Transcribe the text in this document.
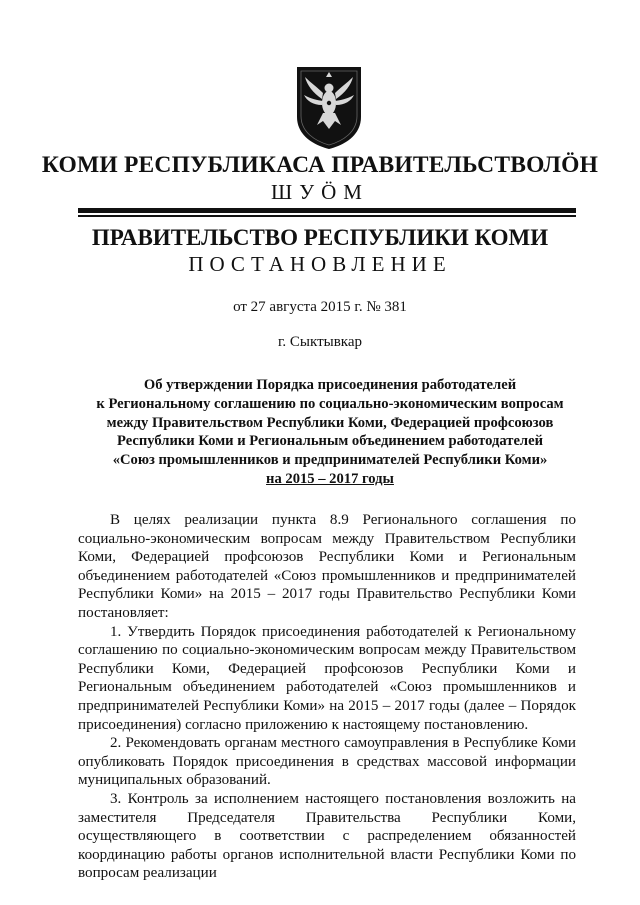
КОМИ РЕСПУБЛИКАСА ПРАВИТЕЛЬСТВОЛÖН
ШУÖМ
ПРАВИТЕЛЬСТВО РЕСПУБЛИКИ КОМИ
ПОСТАНОВЛЕНИЕ
от 27 августа 2015 г. № 381
г. Сыктывкар
Об утверждении Порядка присоединения работодателей
к Региональному соглашению по социально-экономическим вопросам
между Правительством Республики Коми, Федерацией профсоюзов
Республики Коми и Региональным объединением работодателей
«Союз промышленников и предпринимателей Республики Коми»
на 2015 – 2017 годы

В целях реализации пункта 8.9 Регионального соглашения по социально-экономическим вопросам между Правительством Республики Коми, Федерацией профсоюзов Республики Коми и Региональным объединением работодателей «Союз промышленников и предпринимателей Республики Коми» на 2015 – 2017 годы Правительство Республики Коми постановляет:

1. Утвердить Порядок присоединения работодателей к Региональному соглашению по социально-экономическим вопросам между Правительством Республики Коми, Федерацией профсоюзов Республики Коми и Региональным объединением работодателей «Союз промышленников и предпринимателей Республики Коми» на 2015 – 2017 годы (далее – Порядок присоединения) согласно приложению к настоящему постановлению.

2. Рекомендовать органам местного самоуправления в Республике Коми опубликовать Порядок присоединения в средствах массовой информации муниципальных образований.

3. Контроль за исполнением настоящего постановления возложить на заместителя Председателя Правительства Республики Коми, осуществляющего в соответствии с распределением обязанностей координацию работы органов исполнительной власти Республики Коми по вопросам реализации
